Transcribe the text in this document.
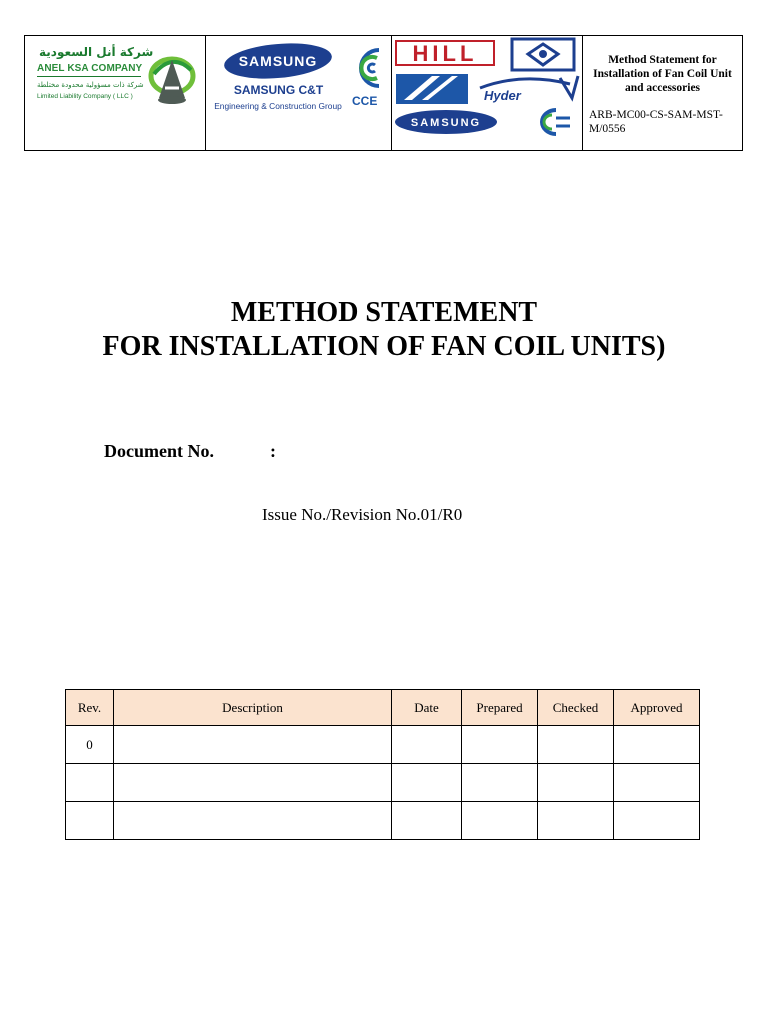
شركة أنل السعودية
ANEL KSA COMPANY
شركة ذات مسؤولية محدودة مختلطة
Limited Liability Company ( LLC )
SAMSUNG
SAMSUNG C&T
Engineering & Construction Group CCE
HILL
Hyder
SAMSUNG
Method Statement for Installation of Fan Coil Unit and accessories
ARB-MC00-CS-SAM-MST-M/0556
METHOD STATEMENT
FOR INSTALLATION OF FAN COIL UNITS)
Document No.	:
Issue No./Revision No.01/R0
Rev.	Description	Date	Prepared	Checked	Approved
0					
